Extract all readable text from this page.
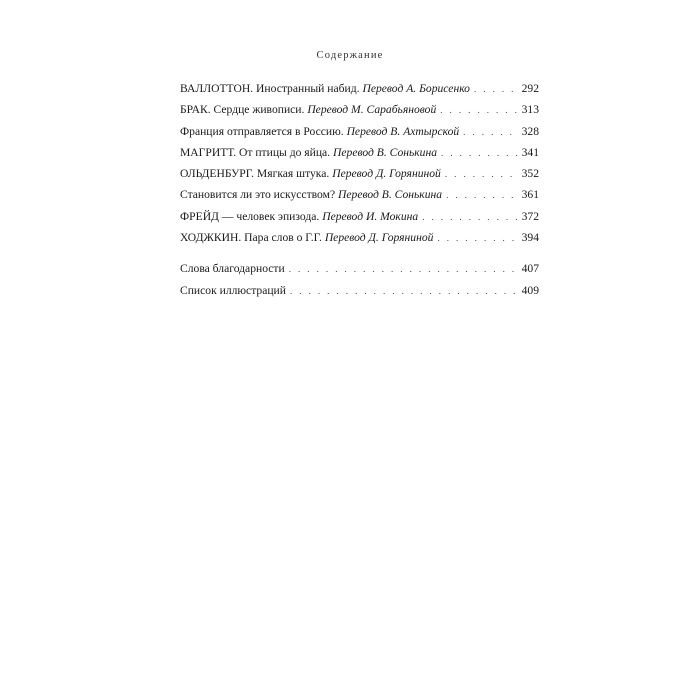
Содержание
ВАЛЛОТТОН. Иностранный набид. Перевод А. Борисенко . . .	292
БРАК. Сердце живописи. Перевод М. Сарабьяновой . . .	313
Франция отправляется в Россию. Перевод В. Ахтырской . . .	328
МАГРИТТ. От птицы до яйца. Перевод В. Сонькина . . .	341
ОЛЬДЕНБУРГ. Мягкая штука. Перевод Д. Горяниной . . .	352
Становится ли это искусством? Перевод В. Сонькина . . .	361
ФРЕЙД — человек эпизода. Перевод И. Мокина . . .	372
ХОДЖКИН. Пара слов о Г.Г. Перевод Д. Горяниной . . .	394
Слова благодарности . . .	407
Список иллюстраций . . .	409
